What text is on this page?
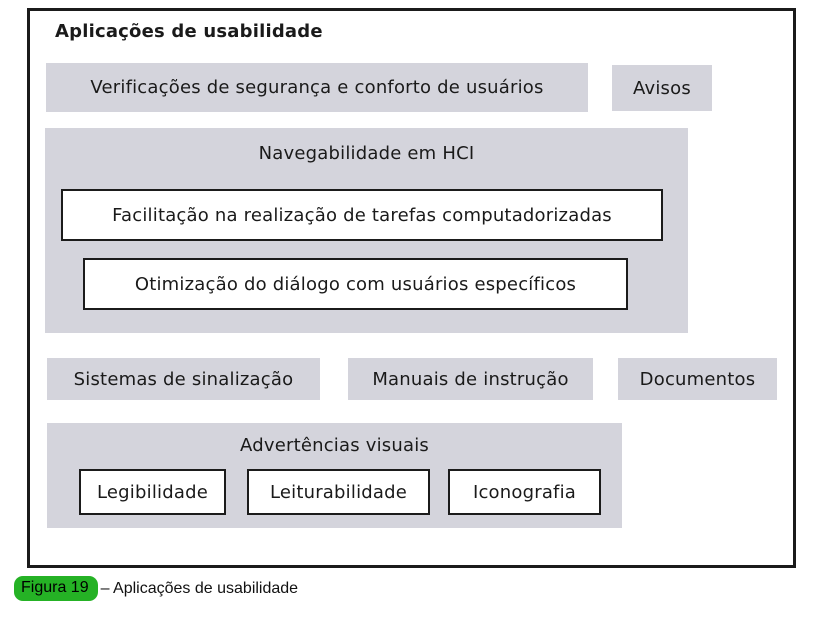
Aplicações de usabilidade
Verificações de segurança e conforto de usuários	Avisos
Navegabilidade em HCI
Facilitação na realização de tarefas computadorizadas
Otimização do diálogo com usuários específicos
Sistemas de sinalização	Manuais de instrução	Documentos
Advertências visuais
Legibilidade	Leiturabilidade	Iconografia
Figura 19 – Aplicações de usabilidade
